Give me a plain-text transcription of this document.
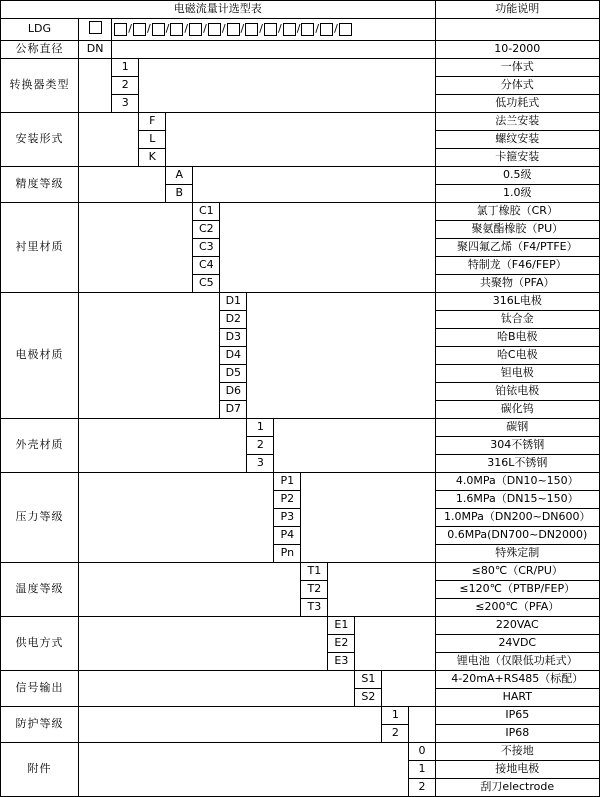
电磁流量计选型表														功能说明
LDG		/ / / / / / / / / / / /

公称直径	DN													10-2000
转换器类型		1												一体式
		2												分体式
		3												低功耗式
安装形式			F											法兰安装
			L											螺纹安装
			K											卡箍安装
精度等级				A										0.5级
				B										1.0级
衬里材质					C1									氯丁橡胶（CR）
					C2									聚氨酯橡胶（PU）
					C3									聚四氟乙烯（F4/PTFE）
					C4									特制龙（F46/FEP）
					C5									共聚物（PFA）
电极材质						D1								316L电极
						D2								钛合金
						D3								哈B电极
						D4								哈C电极
						D5								钽电极
						D6								铂铱电极
						D7								碳化钨
外壳材质							1							碳钢
							2							304不锈钢
							3							316L不锈钢
压力等级								P1						4.0MPa（DN10~150）
								P2						1.6MPa（DN15~150）
								P3						1.0MPa（DN200~DN600）
								P4						0.6MPa(DN700~DN2000)
								Pn						特殊定制
温度等级									T1					≤80℃（CR/PU）
									T2					≤120℃（PTBP/FEP）
									T3					≤200℃（PFA）
供电方式										E1				220VAC
										E2				24VDC
										E3				锂电池（仅限低功耗式）
信号输出											S1			4-20mA+RS485（标配）
											S2			HART
防护等级												1		IP65
												2		IP68
附件													0	不接地
													1	接地电极
													2	刮刀electrode
